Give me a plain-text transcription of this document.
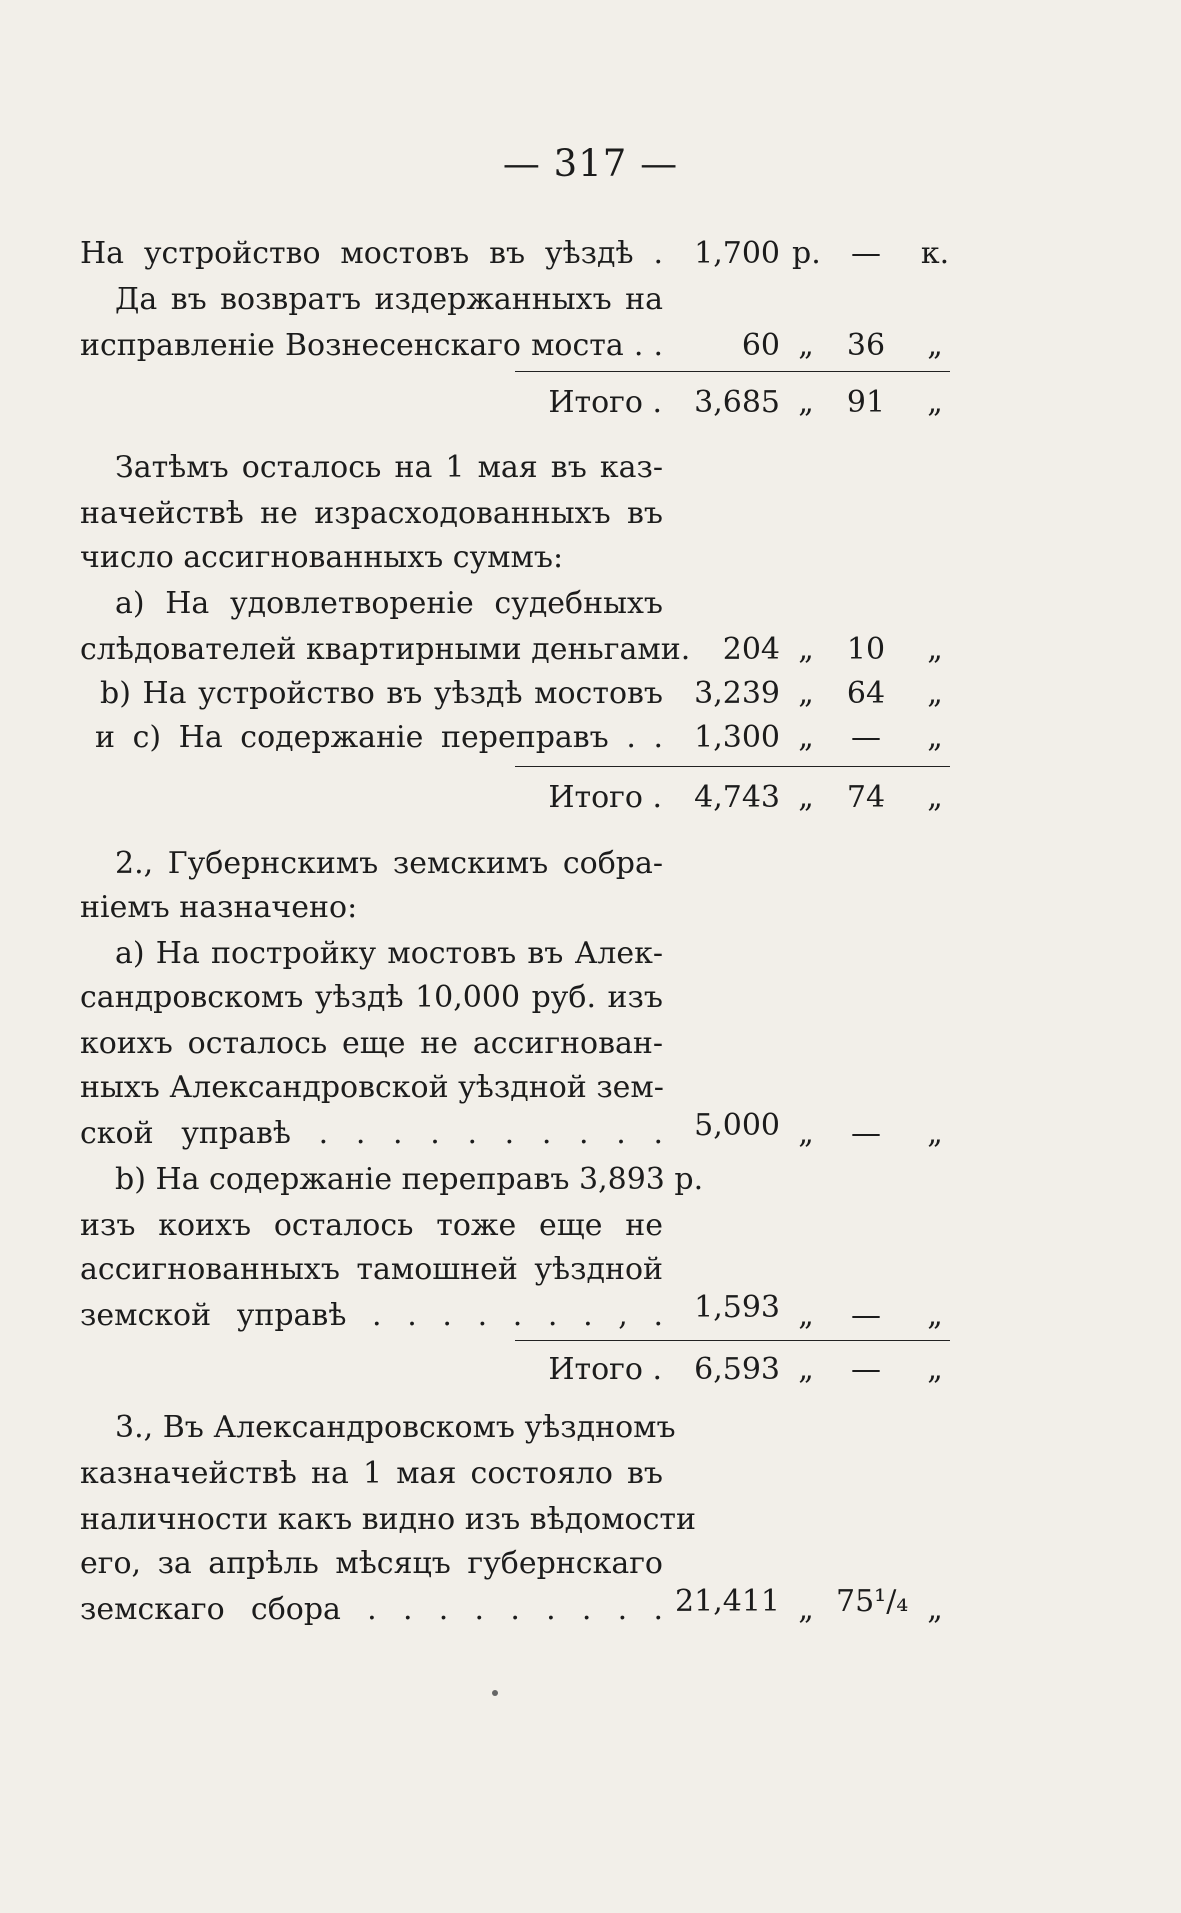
— 317 —
На устройство мостовъ въ уѣздѣ .	1,700 р.	—	к.
Да въ возвратъ издержанныхъ на
исправленіе Вознесенскаго моста . .	60 „	36	„
Итого .	3,685 „	91	„
Затѣмъ осталось на 1 мая въ каз-
начействѣ не израсходованныхъ въ
число ассигнованныхъ суммъ:
а) На удовлетвореніе судебныхъ
слѣдователей квартирными деньгами.	204 „	10	„
b) На устройство въ уѣздѣ мостовъ	3,239 „	64	„
и с) На содержаніе переправъ . .	1,300 „	—	„
Итого .	4,743 „	74	„
2., Губернскимъ земскимъ собра-
ніемъ назначено:
а) На постройку мостовъ въ Алек-
сандровскомъ уѣздѣ 10,000 руб. изъ
коихъ осталось еще не ассигнован-
ныхъ Александровской уѣздной зем-
ской управѣ . . . . . . . . . .	5,000 „	—	„
b) На содержаніе переправъ 3,893 р.
изъ коихъ осталось тоже еще не
ассигнованныхъ тамошней уѣздной
земской управѣ . . . . . . . , .	1,593 „	—	„
Итого .	6,593 „	—	„
3., Въ Александровскомъ уѣздномъ
казначействѣ на 1 мая состояло въ
наличности какъ видно изъ вѣдомости
его, за апрѣль мѣсяцъ губернскаго
земскаго сбора . . . . . . . . . 21,411 „ 75¹/₄ „
